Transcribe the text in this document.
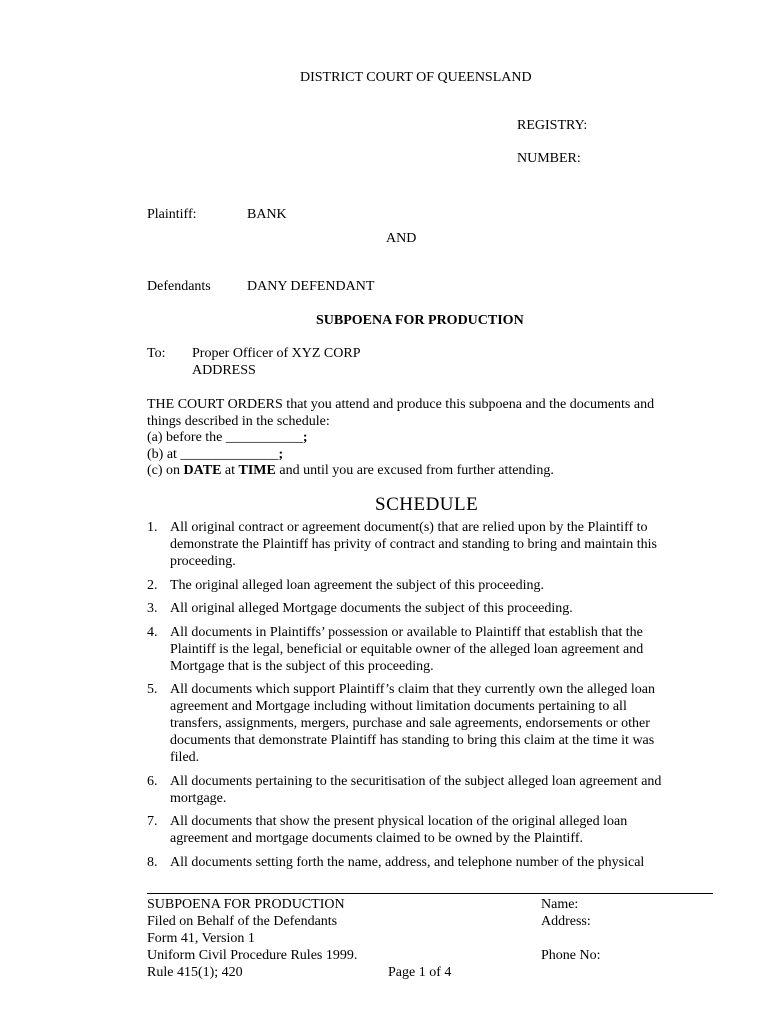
DISTRICT COURT OF QUEENSLAND
REGISTRY:
NUMBER:
Plaintiff:	BANK
AND
Defendants	DANY DEFENDANT
SUBPOENA FOR PRODUCTION
To: Proper Officer of XYZ CORP
ADDRESS
THE COURT ORDERS that you attend and produce this subpoena and the documents and
things described in the schedule:
(a) before the ___________;
(b) at ______________;
(c) on DATE at TIME and until you are excused from further attending.
SCHEDULE
1. All original contract or agreement document(s) that are relied upon by the Plaintiff to
demonstrate the Plaintiff has privity of contract and standing to bring and maintain this
proceeding.
2. The original alleged loan agreement the subject of this proceeding.
3. All original alleged Mortgage documents the subject of this proceeding.
4. All documents in Plaintiffs’ possession or available to Plaintiff that establish that the
Plaintiff is the legal, beneficial or equitable owner of the alleged loan agreement and
Mortgage that is the subject of this proceeding.
5. All documents which support Plaintiff’s claim that they currently own the alleged loan
agreement and Mortgage including without limitation documents pertaining to all
transfers, assignments, mergers, purchase and sale agreements, endorsements or other
documents that demonstrate Plaintiff has standing to bring this claim at the time it was
filed.
6. All documents pertaining to the securitisation of the subject alleged loan agreement and
mortgage.
7. All documents that show the present physical location of the original alleged loan
agreement and mortgage documents claimed to be owned by the Plaintiff.
8. All documents setting forth the name, address, and telephone number of the physical
SUBPOENA FOR PRODUCTION
Filed on Behalf of the Defendants
Form 41, Version 1
Uniform Civil Procedure Rules 1999.
Rule 415(1); 420	Page 1 of 4
Name:
Address:
Phone No:
